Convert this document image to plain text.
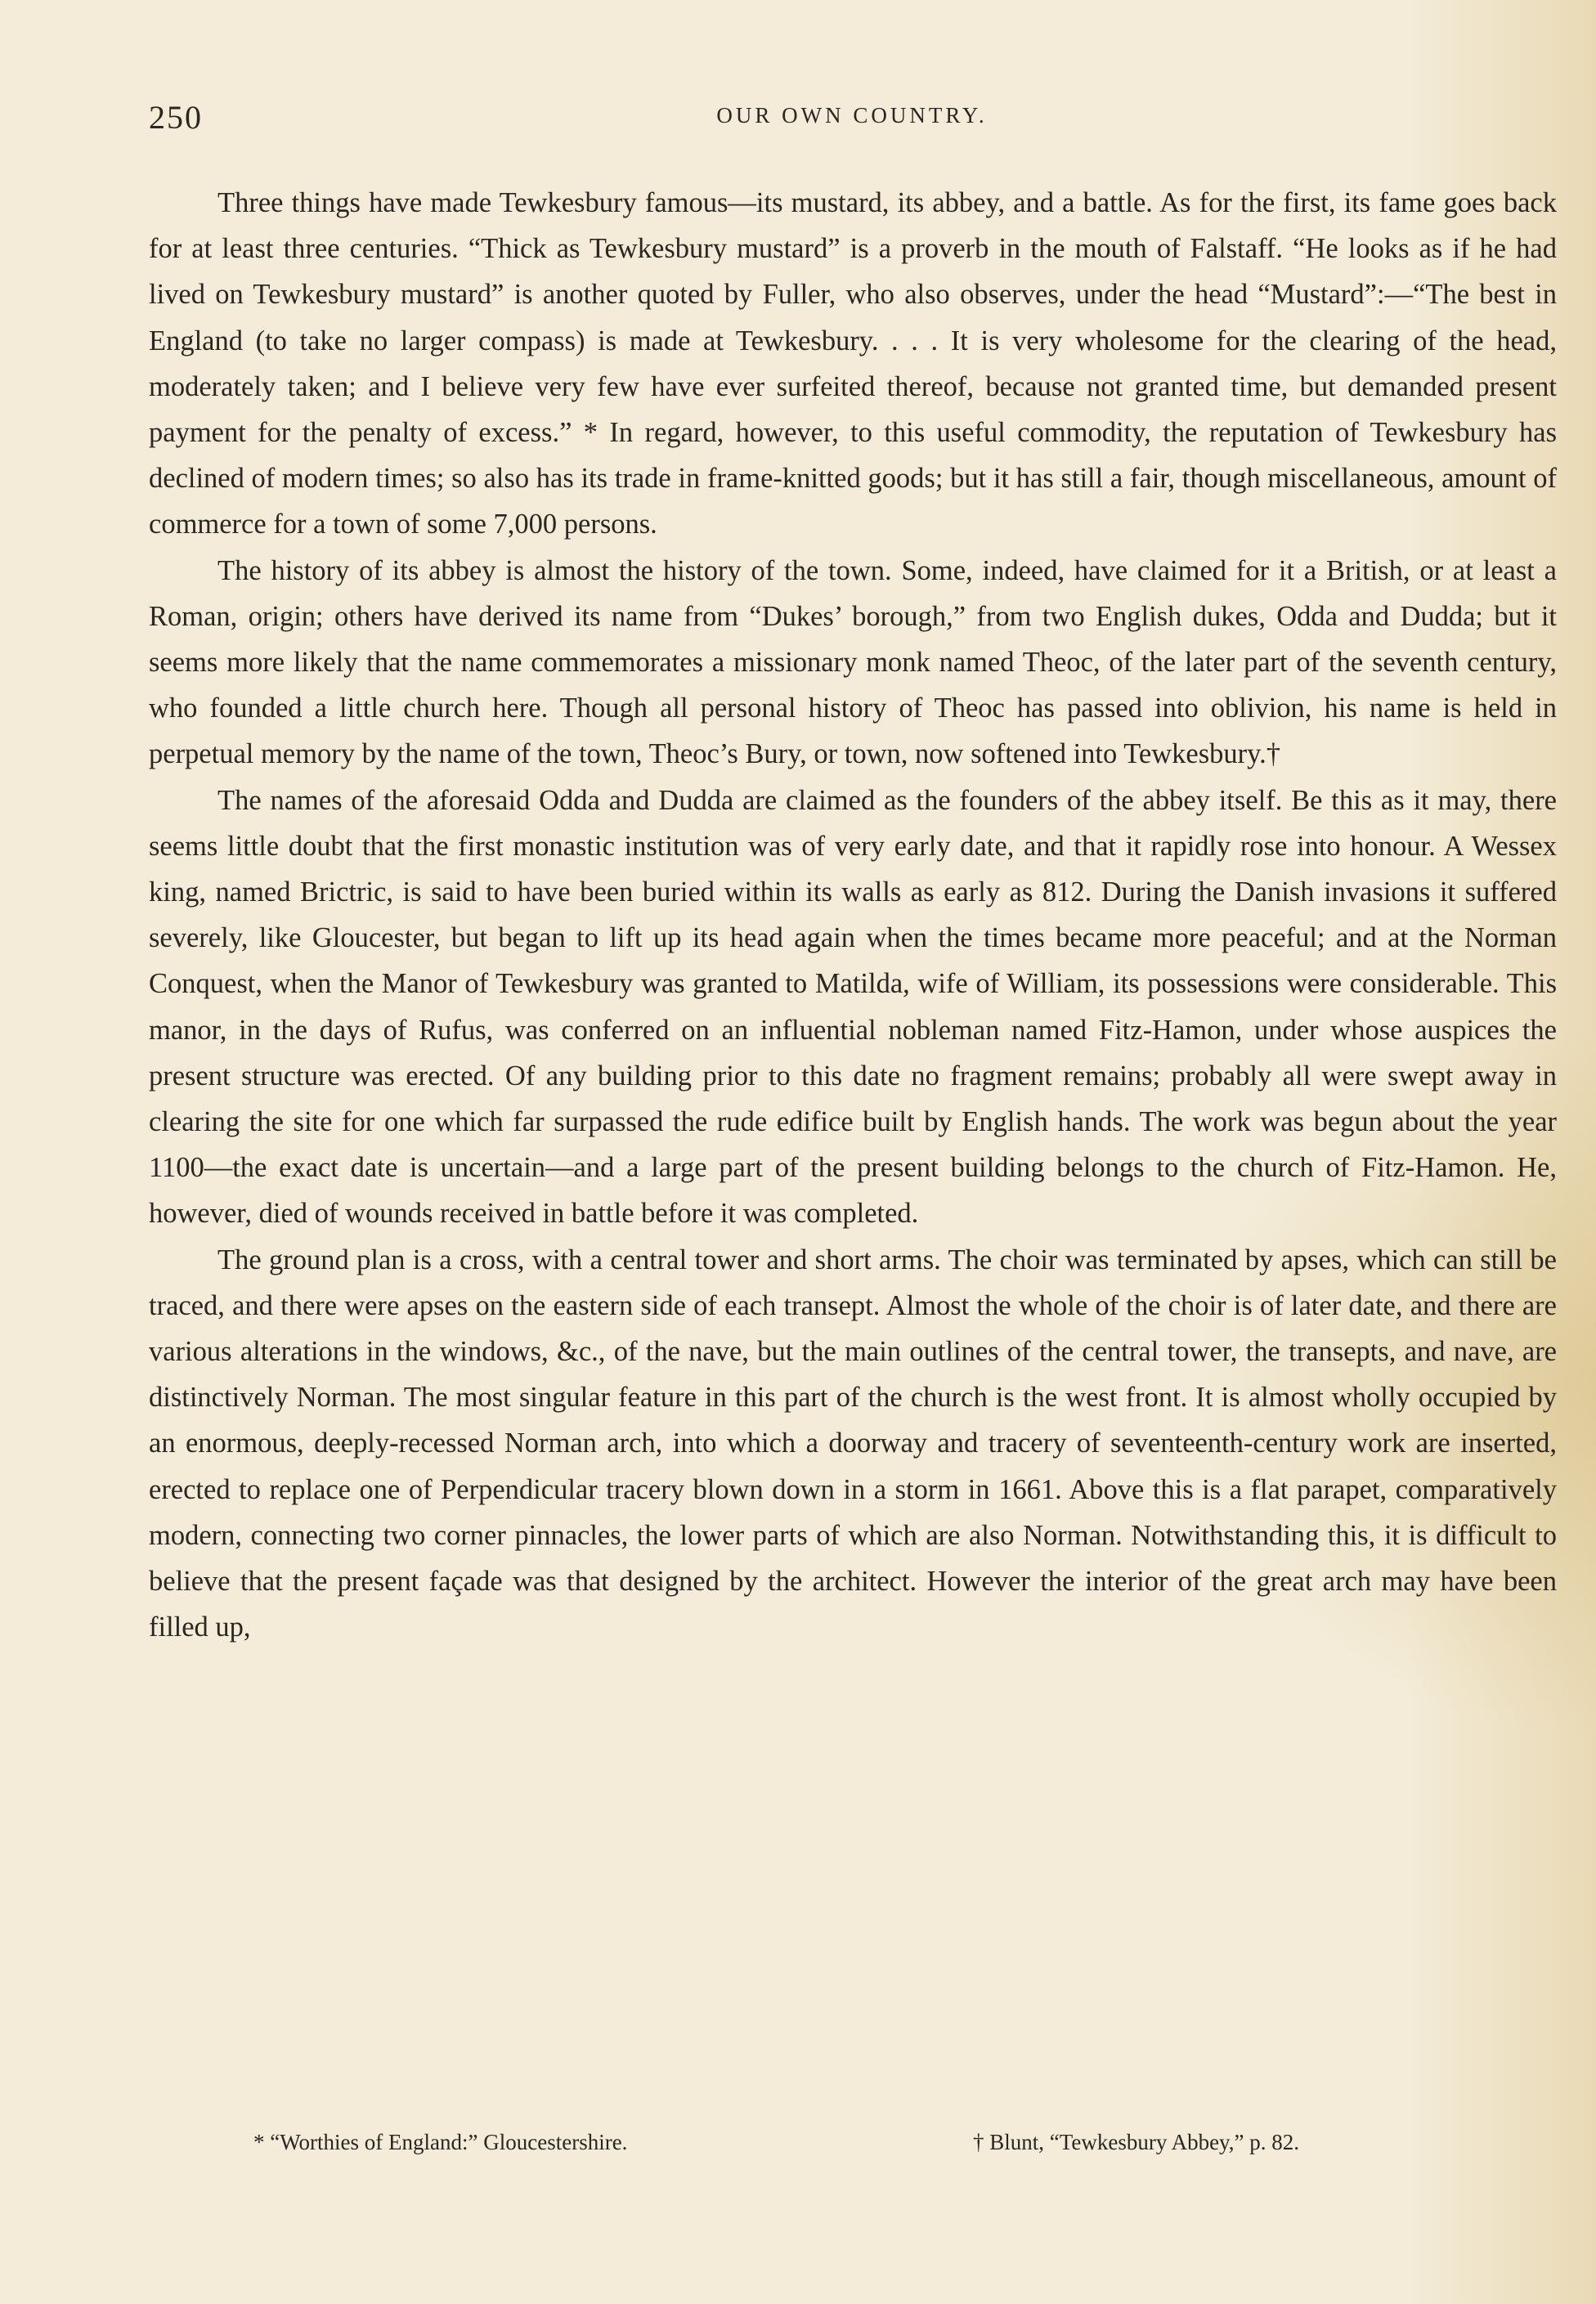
250	OUR OWN COUNTRY.

Three things have made Tewkesbury famous—its mustard, its abbey, and a battle. As for the first, its fame goes back for at least three centuries. “Thick as Tewkesbury mustard” is a proverb in the mouth of Falstaff. “He looks as if he had lived on Tewkesbury mustard” is another quoted by Fuller, who also observes, under the head “Mustard”:—“The best in England (to take no larger compass) is made at Tewkesbury. . . . It is very wholesome for the clearing of the head, moderately taken; and I believe very few have ever surfeited thereof, because not granted time, but demanded present payment for the penalty of excess.” * In regard, however, to this useful commodity, the reputation of Tewkesbury has declined of modern times; so also has its trade in frame-knitted goods; but it has still a fair, though miscellaneous, amount of commerce for a town of some 7,000 persons.

The history of its abbey is almost the history of the town. Some, indeed, have claimed for it a British, or at least a Roman, origin; others have derived its name from “Dukes’ borough,” from two English dukes, Odda and Dudda; but it seems more likely that the name commemorates a missionary monk named Theoc, of the later part of the seventh century, who founded a little church here. Though all personal history of Theoc has passed into oblivion, his name is held in perpetual memory by the name of the town, Theoc’s Bury, or town, now softened into Tewkesbury.†

The names of the aforesaid Odda and Dudda are claimed as the founders of the abbey itself. Be this as it may, there seems little doubt that the first monastic institution was of very early date, and that it rapidly rose into honour. A Wessex king, named Brictric, is said to have been buried within its walls as early as 812. During the Danish invasions it suffered severely, like Gloucester, but began to lift up its head again when the times became more peaceful; and at the Norman Conquest, when the Manor of Tewkesbury was granted to Matilda, wife of William, its possessions were considerable. This manor, in the days of Rufus, was conferred on an influential nobleman named Fitz-Hamon, under whose auspices the present structure was erected. Of any building prior to this date no fragment remains; probably all were swept away in clearing the site for one which far surpassed the rude edifice built by English hands. The work was begun about the year 1100—the exact date is uncertain—and a large part of the present building belongs to the church of Fitz-Hamon. He, however, died of wounds received in battle before it was completed.

The ground plan is a cross, with a central tower and short arms. The choir was terminated by apses, which can still be traced, and there were apses on the eastern side of each transept. Almost the whole of the choir is of later date, and there are various alterations in the windows, &c., of the nave, but the main outlines of the central tower, the transepts, and nave, are distinctively Norman. The most singular feature in this part of the church is the west front. It is almost wholly occupied by an enormous, deeply-recessed Norman arch, into which a doorway and tracery of seventeenth-century work are inserted, erected to replace one of Perpendicular tracery blown down in a storm in 1661. Above this is a flat parapet, comparatively modern, connecting two corner pinnacles, the lower parts of which are also Norman. Notwithstanding this, it is difficult to believe that the present façade was that designed by the architect. However the interior of the great arch may have been filled up,

* “Worthies of England:” Gloucestershire.	† Blunt, “Tewkesbury Abbey,” p. 82.
